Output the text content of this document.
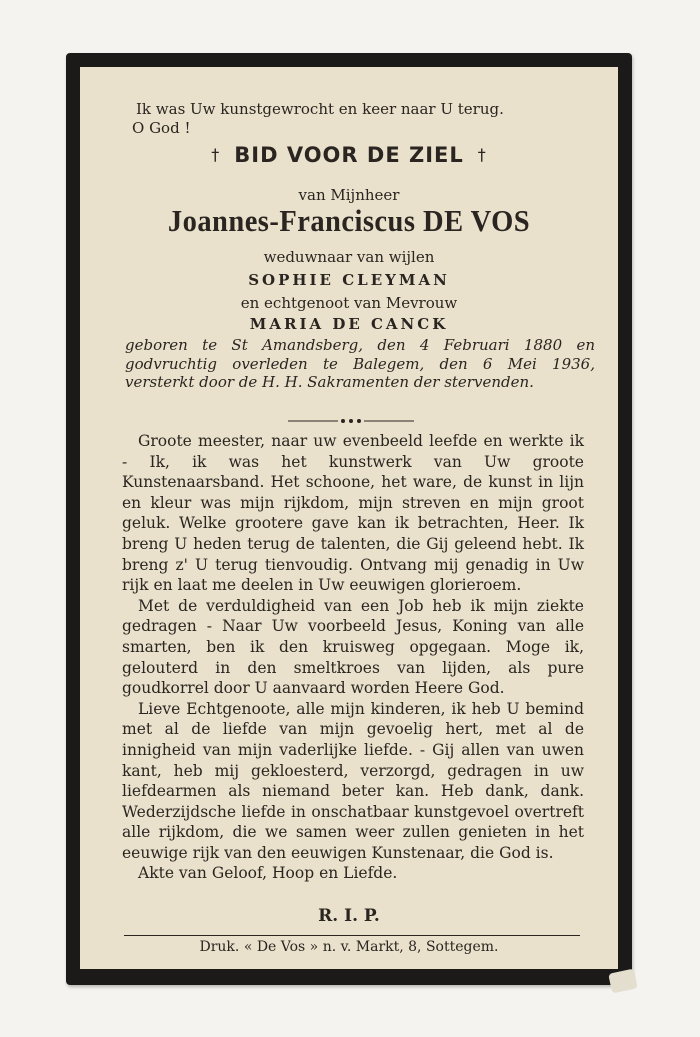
Ik was Uw kunstgewrocht en keer naar U terug.
O God !
† BID VOOR DE ZIEL †
van Mijnheer
Joannes-Franciscus DE VOS
weduwnaar van wijlen
SOPHIE CLEYMAN
en echtgenoot van Mevrouw
MARIA DE CANCK
geboren te St Amandsberg, den 4 Februari 1880 en godvruchtig overleden te Balegem, den 6 Mei 1936, versterkt door de H. H. Sakramenten der stervenden.

Groote meester, naar uw evenbeeld leefde en werkte ik - Ik, ik was het kunstwerk van Uw groote Kunstenaarsband. Het schoone, het ware, de kunst in lijn en kleur was mijn rijkdom, mijn streven en mijn groot geluk. Welke grootere gave kan ik betrachten, Heer. Ik breng U heden terug de talenten, die Gij geleend hebt. Ik breng z' U terug tienvoudig. Ontvang mij genadig in Uw rijk en laat me deelen in Uw eeuwigen glorieroem.

Met de verduldigheid van een Job heb ik mijn ziekte gedragen - Naar Uw voorbeeld Jesus, Koning van alle smarten, ben ik den kruisweg opgegaan. Moge ik, gelouterd in den smeltkroes van lijden, als pure goudkorrel door U aanvaard worden Heere God.

Lieve Echtgenoote, alle mijn kinderen, ik heb U bemind met al de liefde van mijn gevoelig hert, met al de innigheid van mijn vaderlijke liefde. - Gij allen van uwen kant, heb mij gekloesterd, verzorgd, gedragen in uw liefdearmen als niemand beter kan. Heb dank, dank. Wederzijdsche liefde in onschatbaar kunstgevoel overtreft alle rijkdom, die we samen weer zullen genieten in het eeuwige rijk van den eeuwigen Kunstenaar, die God is.

Akte van Geloof, Hoop en Liefde.

R. I. P.
Druk. « De Vos » n. v. Markt, 8, Sottegem.
